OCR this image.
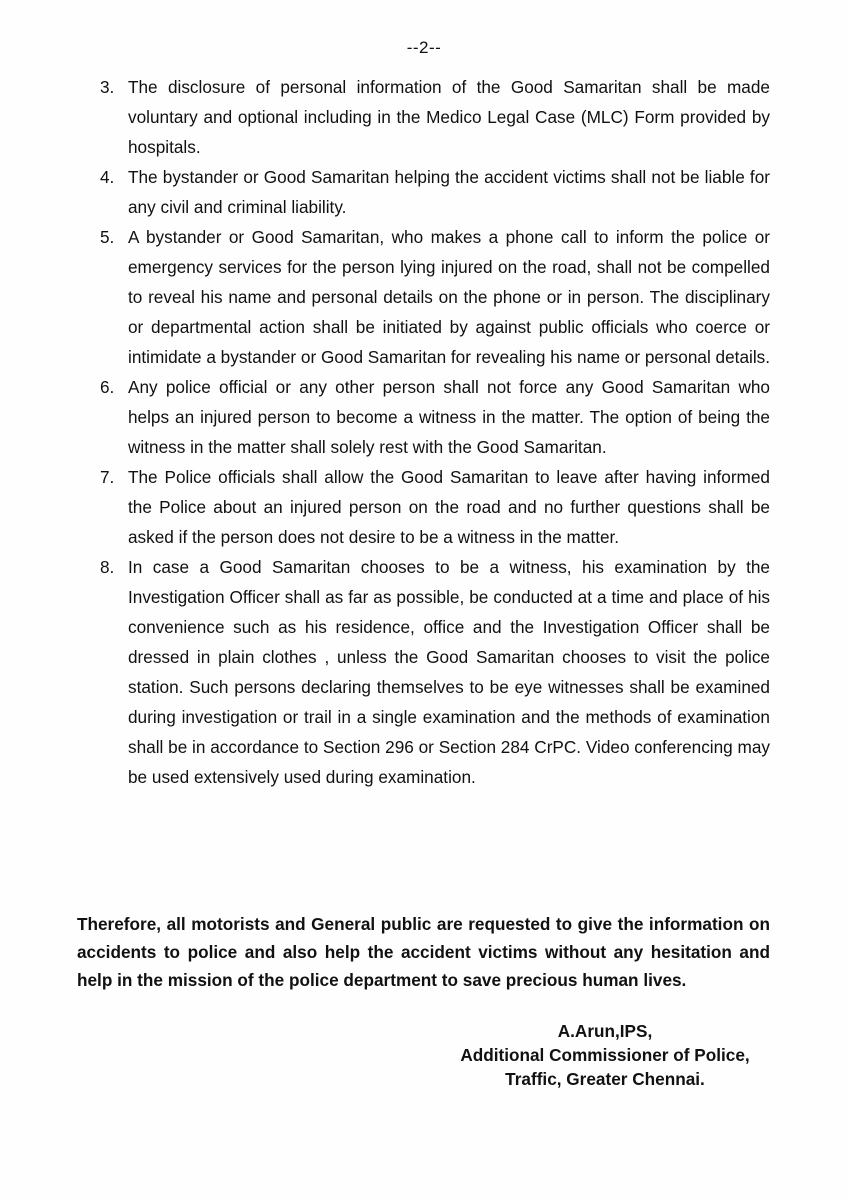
--2--
3. The disclosure of personal information of the Good Samaritan shall be made voluntary and optional including in the Medico Legal Case (MLC) Form provided by hospitals.
4. The bystander or Good Samaritan helping the accident victims shall not be liable for any civil and criminal liability.
5. A bystander or Good Samaritan, who makes a phone call to inform the police or emergency services for the person lying injured on the road, shall not be compelled to reveal his name and personal details on the phone or in person. The disciplinary or departmental action shall be initiated by against public officials who coerce or intimidate a bystander or Good Samaritan for revealing his name or personal details.
6. Any police official or any other person shall not force any Good Samaritan who helps an injured person to become a witness in the matter. The option of being the witness in the matter shall solely rest with the Good Samaritan.
7. The Police officials shall allow the Good Samaritan to leave after having informed the Police about an injured person on the road and no further questions shall be asked if the person does not desire to be a witness in the matter.
8. In case a Good Samaritan chooses to be a witness, his examination by the Investigation Officer shall as far as possible, be conducted at a time and place of his convenience such as his residence, office and the Investigation Officer shall be dressed in plain clothes , unless the Good Samaritan chooses to visit the police station. Such persons declaring themselves to be eye witnesses shall be examined during investigation or trail in a single examination and the methods of examination shall be in accordance to Section 296 or Section 284 CrPC. Video conferencing may be used extensively used during examination.

Therefore, all motorists and General public are requested to give the information on accidents to police and also help the accident victims without any hesitation and help in the mission of the police department to save precious human lives.

A.Arun,IPS,
Additional Commissioner of Police,
Traffic, Greater Chennai.
